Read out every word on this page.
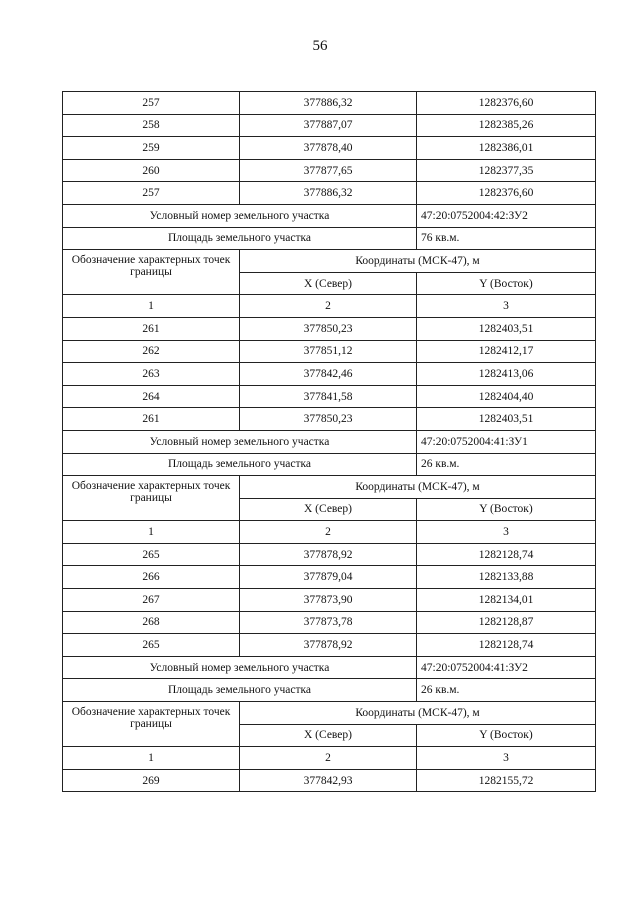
56
257	377886,32	1282376,60
258	377887,07	1282385,26
259	377878,40	1282386,01
260	377877,65	1282377,35
257	377886,32	1282376,60
Условный номер земельного участка		47:20:0752004:42:ЗУ2
Площадь земельного участка		76 кв.м.
Обозначение характерных точек границы	Координаты (МСК-47), м	
	X (Север)	Y (Восток)
1	2	3
261	377850,23	1282403,51
262	377851,12	1282412,17
263	377842,46	1282413,06
264	377841,58	1282404,40
261	377850,23	1282403,51
Условный номер земельного участка		47:20:0752004:41:ЗУ1
Площадь земельного участка		26 кв.м.
Обозначение характерных точек границы	Координаты (МСК-47), м	
	X (Север)	Y (Восток)
1	2	3
265	377878,92	1282128,74
266	377879,04	1282133,88
267	377873,90	1282134,01
268	377873,78	1282128,87
265	377878,92	1282128,74
Условный номер земельного участка		47:20:0752004:41:ЗУ2
Площадь земельного участка		26 кв.м.
Обозначение характерных точек границы	Координаты (МСК-47), м	
	X (Север)	Y (Восток)
1	2	3
269	377842,93	1282155,72
